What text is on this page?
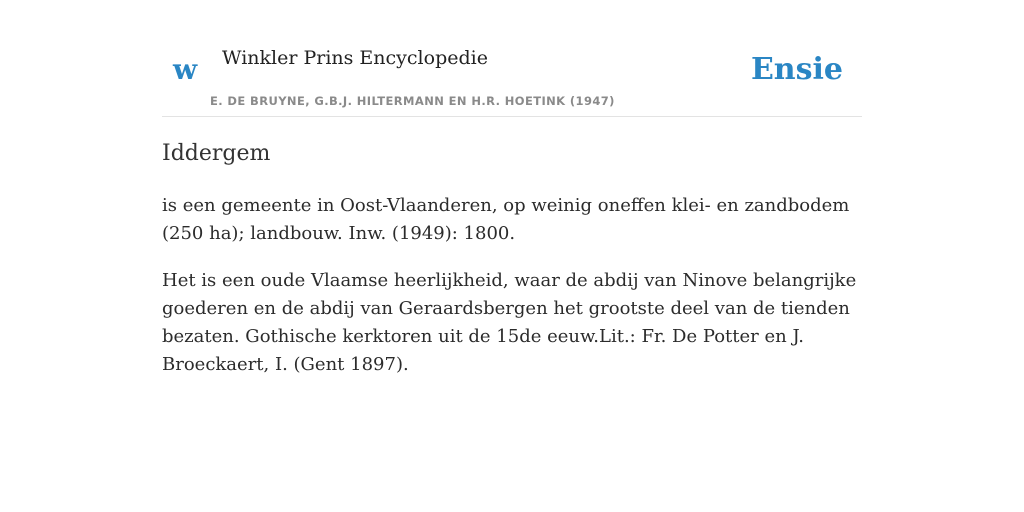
w Winkler Prins Encyclopedie
E. DE BRUYNE, G.B.J. HILTERMANN EN H.R. HOETINK (1947)
Ensie
Iddergem

is een gemeente in Oost-Vlaanderen, op weinig oneffen klei- en zandbodem (250 ha); landbouw. Inw. (1949): 1800.

Het is een oude Vlaamse heerlijkheid, waar de abdij van Ninove belangrijke goederen en de abdij van Geraardsbergen het grootste deel van de tienden bezaten. Gothische kerktoren uit de 15de eeuw.Lit.: Fr. De Potter en J. Broeckaert, I. (Gent 1897).
